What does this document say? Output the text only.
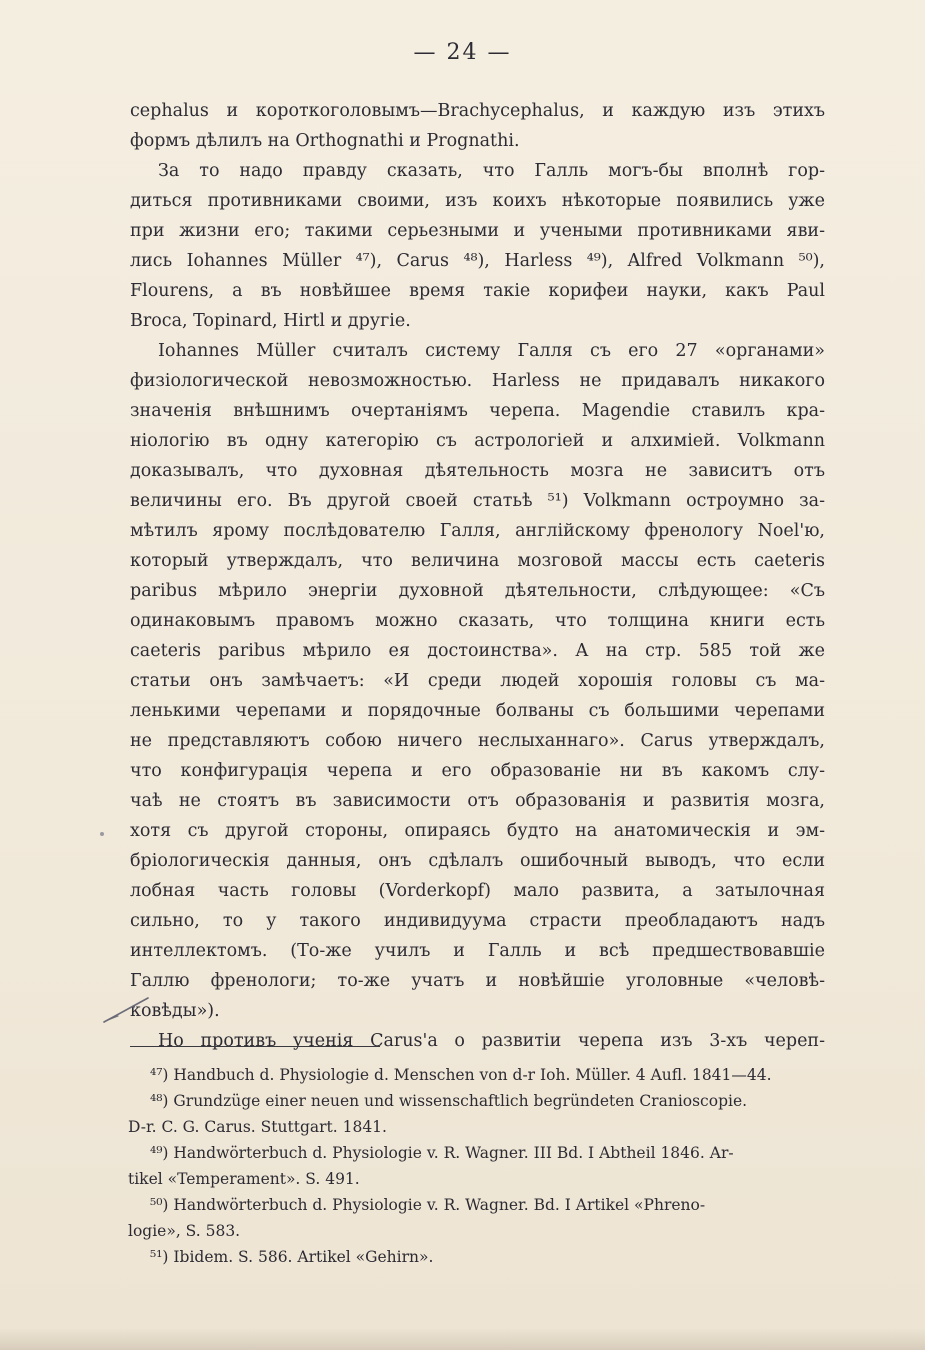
— 24 —
cephalus и короткоголовымъ—Brachycephalus, и каждую изъ этихъ
формъ дѣлилъ на Orthognathi и Prognathi.
За то надо правду сказать, что Галль могъ-бы вполнѣ гор-
диться противниками своими, изъ коихъ нѣкоторые появились уже
при жизни его; такими серьезными и учеными противниками яви-
лись Iohannes Müller ⁴⁷), Carus ⁴⁸), Harless ⁴⁹), Alfred Volkmann ⁵⁰),
Flourens, а въ новѣйшее время такіе корифеи науки, какъ Paul
Broca, Topinard, Hirtl и другіе.
Iohannes Müller считалъ систему Галля съ его 27 «органами»
физіологической невозможностью. Harless не придавалъ никакого
значенія внѣшнимъ очертаніямъ черепа. Magendie ставилъ кра-
ніологію въ одну категорію съ астрологіей и алхиміей. Volkmann
доказывалъ, что духовная дѣятельность мозга не зависитъ отъ
величины его. Въ другой своей статьѣ ⁵¹) Volkmann остроумно за-
мѣтилъ ярому послѣдователю Галля, англійскому френологу Noel'ю,
который утверждалъ, что величина мозговой массы есть caeteris
paribus мѣрило энергіи духовной дѣятельности, слѣдующее: «Съ
одинаковымъ правомъ можно сказать, что толщина книги есть
caeteris paribus мѣрило ея достоинства». А на стр. 585 той же
статьи онъ замѣчаетъ: «И среди людей хорошія головы съ ма-
ленькими черепами и порядочные болваны съ большими черепами
не представляютъ собою ничего неслыханнаго». Carus утверждалъ,
что конфигурація черепа и его образованіе ни въ какомъ слу-
чаѣ не стоятъ въ зависимости отъ образованія и развитія мозга,
хотя съ другой стороны, опираясь будто на анатомическія и эм-
бріологическія данныя, онъ сдѣлалъ ошибочный выводъ, что если
лобная часть головы (Vorderkopf) мало развита, а затылочная
сильно, то у такого индивидуума страсти преобладаютъ надъ
интеллектомъ. (То-же училъ и Галль и всѣ предшествовавшіе
Галлю френологи; то-же учатъ и новѣйшіе уголовные «человѣ-
ковѣды»).
Но противъ ученія Carus'а о развитіи черепа изъ 3-хъ череп-
⁴⁷) Handbuch d. Physiologie d. Menschen von d-r Ioh. Müller. 4 Aufl. 1841—44.
⁴⁸) Grundzüge einer neuen und wissenschaftlich begründeten Cranioscopie.
D-r. C. G. Carus. Stuttgart. 1841.
⁴⁹) Handwörterbuch d. Physiologie v. R. Wagner. III Bd. I Abtheil 1846. Ar-
tikel «Temperament». S. 491.
⁵⁰) Handwörterbuch d. Physiologie v. R. Wagner. Bd. I Artikel «Phreno-
logie», S. 583.
⁵¹) Ibidem. S. 586. Artikel «Gehirn».
